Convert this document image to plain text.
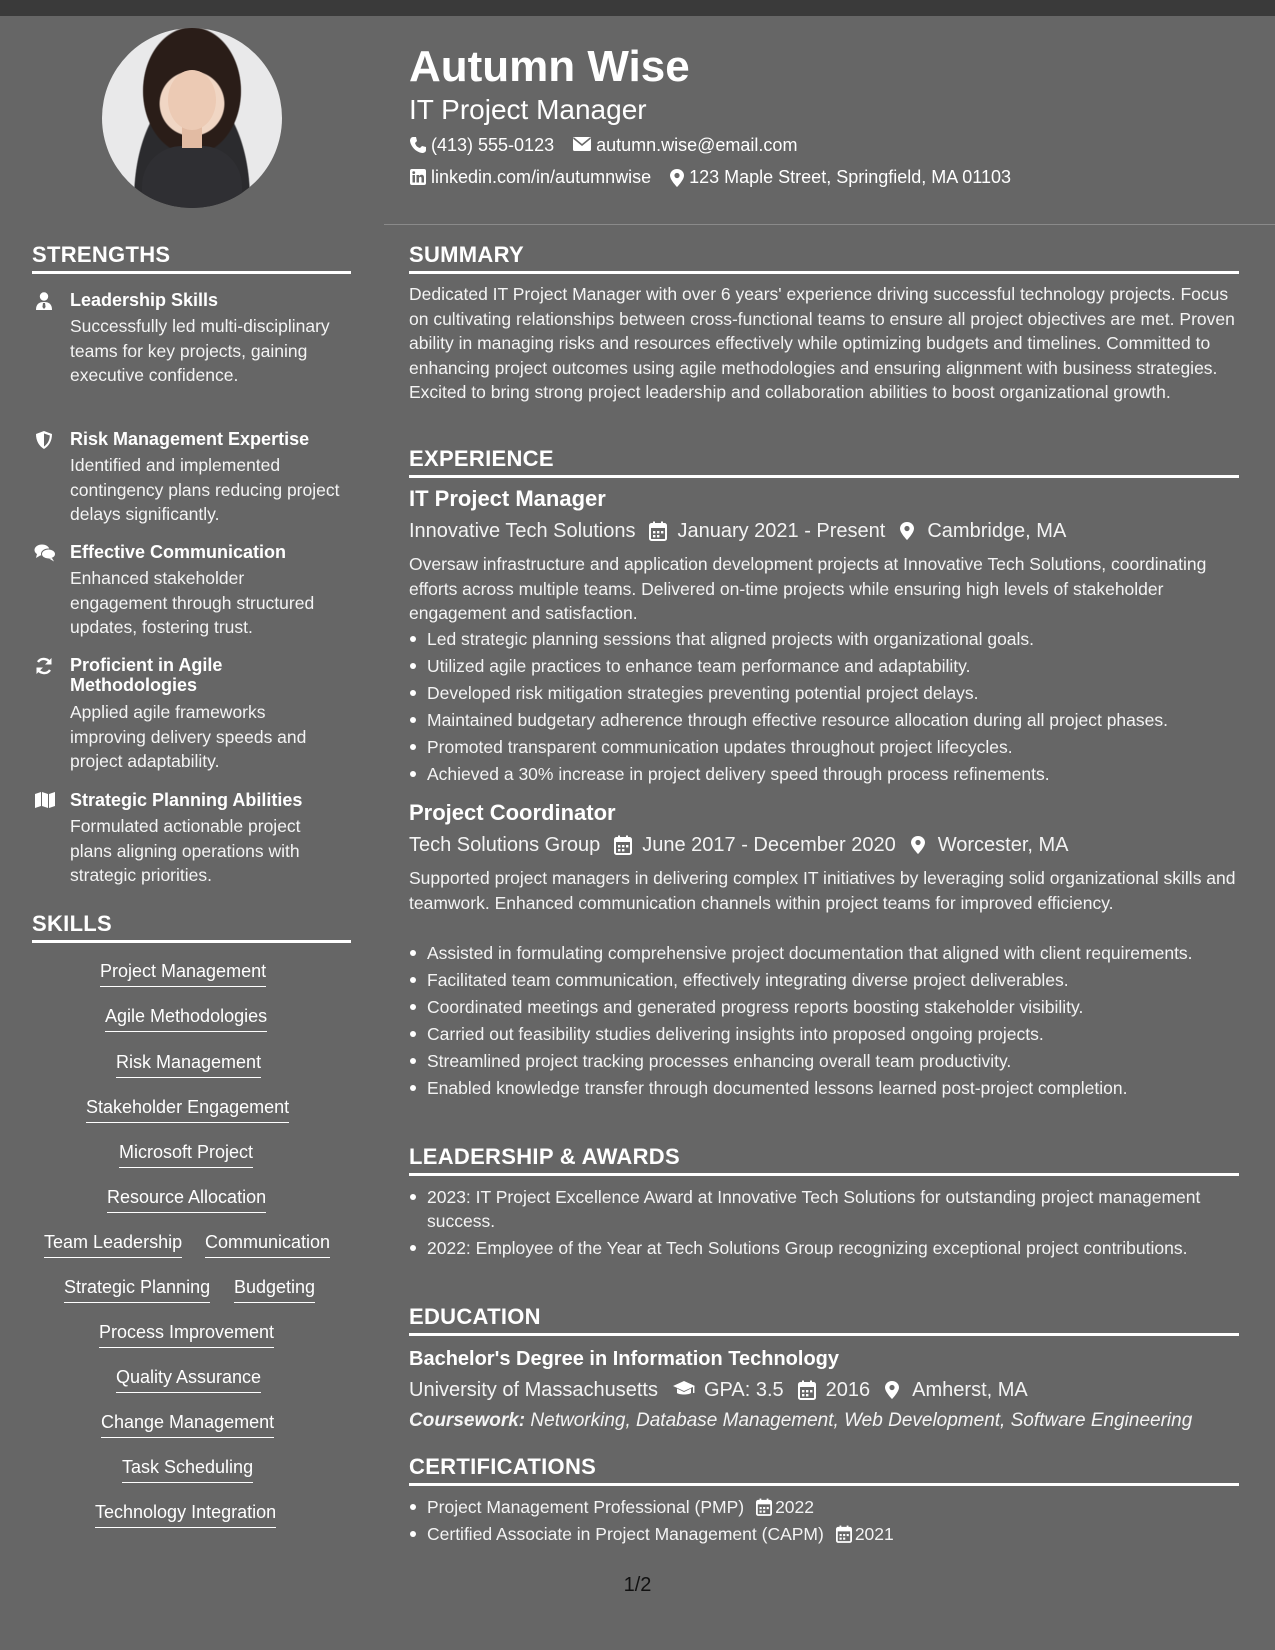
STRENGTHS
Leadership Skills
Successfully led multi-disciplinary teams for key projects, gaining executive confidence.
Risk Management Expertise
Identified and implemented contingency plans reducing project delays significantly.
Effective Communication
Enhanced stakeholder engagement through structured updates, fostering trust.
Proficient in Agile Methodologies
Applied agile frameworks improving delivery speeds and project adaptability.
Strategic Planning Abilities
Formulated actionable project plans aligning operations with strategic priorities.
SKILLS
Project Management
Agile Methodologies
Risk Management
Stakeholder Engagement
Microsoft Project
Resource Allocation
Team Leadership Communication
Strategic Planning Budgeting
Process Improvement
Quality Assurance
Change Management
Task Scheduling
Technology Integration
Autumn Wise
IT Project Manager
(413) 555-0123 autumn.wise@email.com
linkedin.com/in/autumnwise 123 Maple Street, Springfield, MA 01103
SUMMARY
Dedicated IT Project Manager with over 6 years' experience driving successful technology projects. Focus on cultivating relationships between cross-functional teams to ensure all project objectives are met. Proven ability in managing risks and resources effectively while optimizing budgets and timelines. Committed to enhancing project outcomes using agile methodologies and ensuring alignment with business strategies. Excited to bring strong project leadership and collaboration abilities to boost organizational growth.
EXPERIENCE
IT Project Manager
Innovative Tech Solutions January 2021 - Present Cambridge, MA
Oversaw infrastructure and application development projects at Innovative Tech Solutions, coordinating efforts across multiple teams. Delivered on-time projects while ensuring high levels of stakeholder engagement and satisfaction.
Led strategic planning sessions that aligned projects with organizational goals.
Utilized agile practices to enhance team performance and adaptability.
Developed risk mitigation strategies preventing potential project delays.
Maintained budgetary adherence through effective resource allocation during all project phases.
Promoted transparent communication updates throughout project lifecycles.
Achieved a 30% increase in project delivery speed through process refinements.
Project Coordinator
Tech Solutions Group June 2017 - December 2020 Worcester, MA
Supported project managers in delivering complex IT initiatives by leveraging solid organizational skills and teamwork. Enhanced communication channels within project teams for improved efficiency.
Assisted in formulating comprehensive project documentation that aligned with client requirements.
Facilitated team communication, effectively integrating diverse project deliverables.
Coordinated meetings and generated progress reports boosting stakeholder visibility.
Carried out feasibility studies delivering insights into proposed ongoing projects.
Streamlined project tracking processes enhancing overall team productivity.
Enabled knowledge transfer through documented lessons learned post-project completion.
LEADERSHIP & AWARDS
2023: IT Project Excellence Award at Innovative Tech Solutions for outstanding project management success.
2022: Employee of the Year at Tech Solutions Group recognizing exceptional project contributions.
EDUCATION
Bachelor's Degree in Information Technology
University of Massachusetts GPA: 3.5 2016 Amherst, MA
Coursework: Networking, Database Management, Web Development, Software Engineering
CERTIFICATIONS
Project Management Professional (PMP) 2022
Certified Associate in Project Management (CAPM) 2021
1/2
